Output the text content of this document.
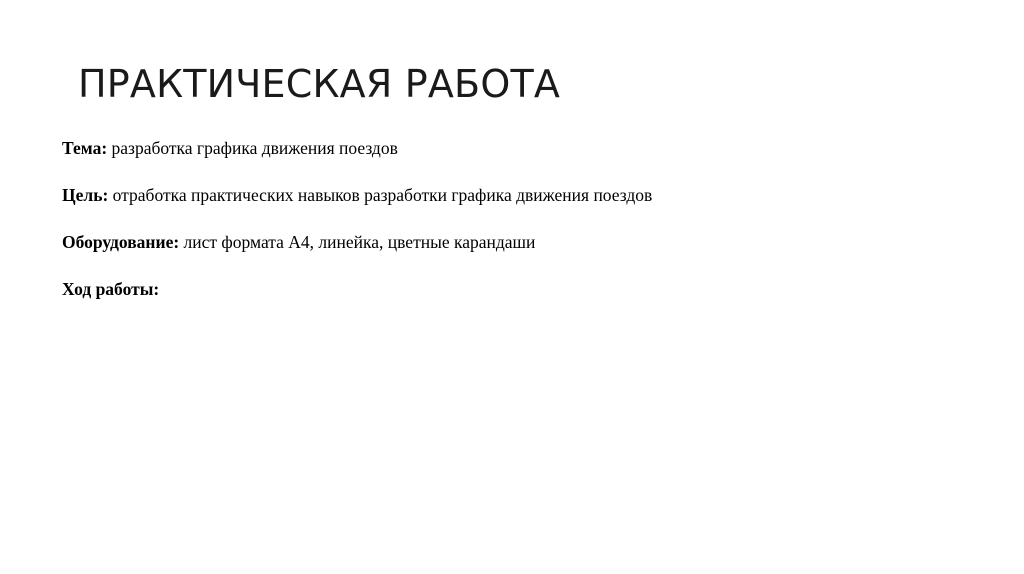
ПРАКТИЧЕСКАЯ РАБОТА

Тема: разработка графика движения поездов

Цель: отработка практических навыков разработки графика движения поездов

Оборудование: лист формата А4, линейка, цветные карандаши

Ход работы:
